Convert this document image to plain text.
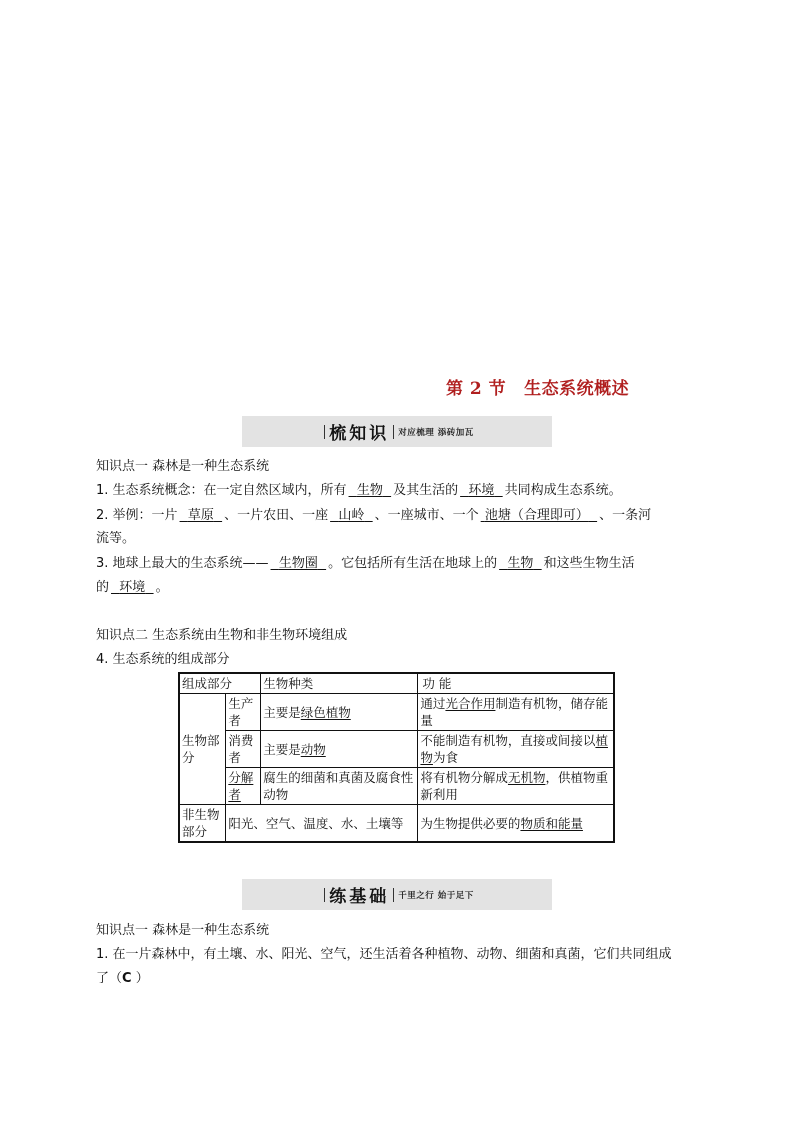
第 2 节 生态系统概述
梳知识 对应梳理 添砖加瓦
知识点一 森林是一种生态系统
1. 生态系统概念：在一定自然区域内，所有 生物 及其生活的 环境 共同构成生态系统。
2. 举例：一片 草原 、一片农田、一座 山岭 、一座城市、一个 池塘（合理即可） 、一条河
流等。
3. 地球上最大的生态系统—— 生物圈 。它包括所有生活在地球上的 生物 和这些生物生活
的 环境 。
知识点二 生态系统由生物和非生物环境组成
4. 生态系统的组成部分
组成部分		生物种类	功 能
生物部分	生产者	主要是绿色植物	通过光合作用制造有机物，储存能量
	消费者	主要是动物	不能制造有机物，直接或间接以植物为食
	分解者	腐生的细菌和真菌及腐食性动物	将有机物分解成无机物，供植物重新利用
非生物部分	阳光、空气、温度、水、土壤等		为生物提供必要的物质和能量
练基础 千里之行 始于足下
知识点一 森林是一种生态系统
1. 在一片森林中，有土壤、水、阳光、空气，还生活着各种植物、动物、细菌和真菌，它们共同组成
了（C ）
